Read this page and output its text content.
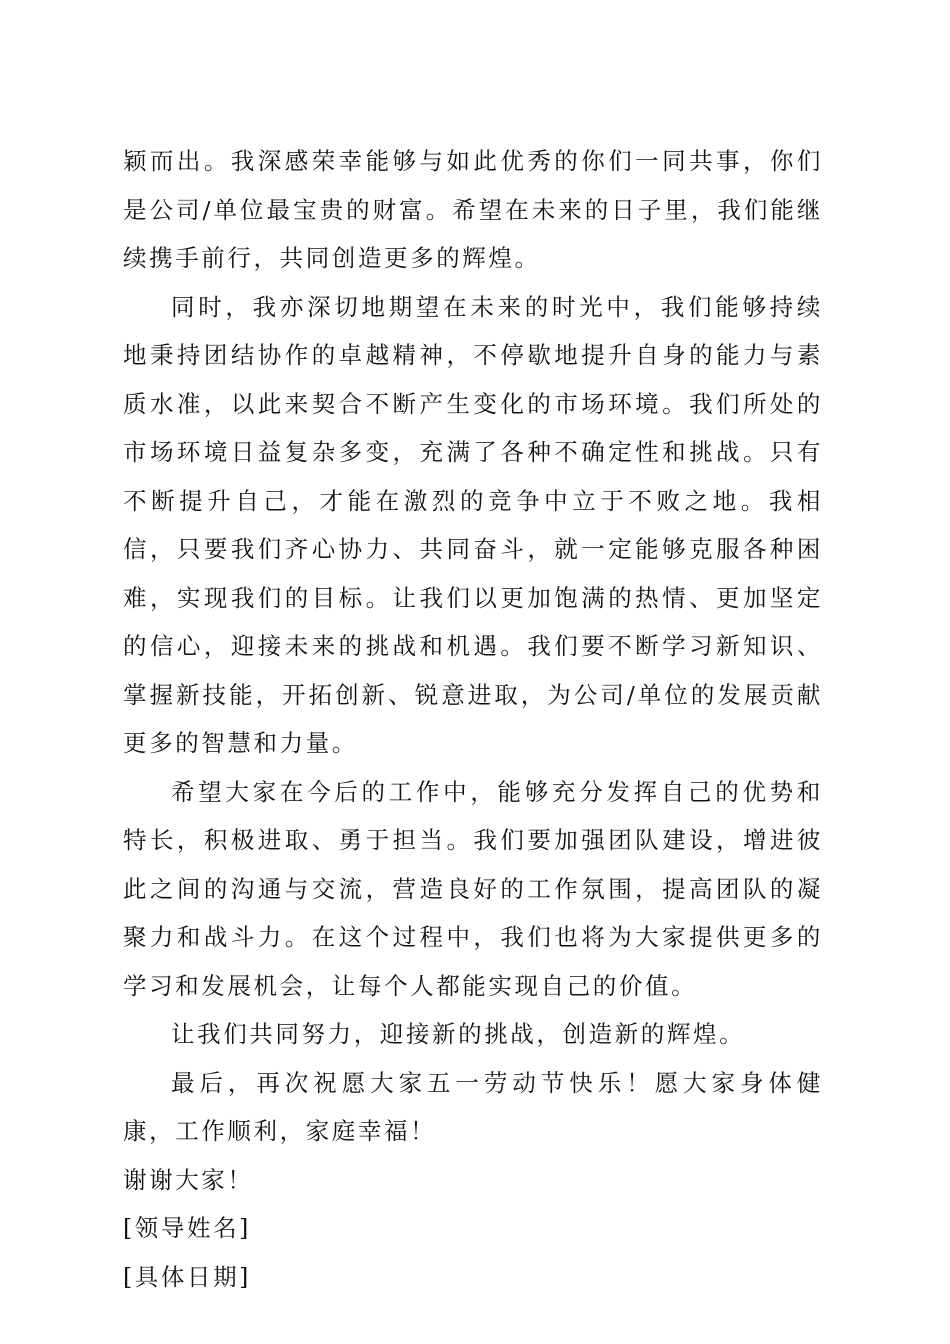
颖而出。我深感荣幸能够与如此优秀的你们一同共事，你们是公司/单位最宝贵的财富。希望在未来的日子里，我们能继续携手前行，共同创造更多的辉煌。

同时，我亦深切地期望在未来的时光中，我们能够持续地秉持团结协作的卓越精神，不停歇地提升自身的能力与素质水准，以此来契合不断产生变化的市场环境。我们所处的市场环境日益复杂多变，充满了各种不确定性和挑战。只有不断提升自己，才能在激烈的竞争中立于不败之地。我相信，只要我们齐心协力、共同奋斗，就一定能够克服各种困难，实现我们的目标。让我们以更加饱满的热情、更加坚定的信心，迎接未来的挑战和机遇。我们要不断学习新知识、掌握新技能，开拓创新、锐意进取，为公司/单位的发展贡献更多的智慧和力量。

希望大家在今后的工作中，能够充分发挥自己的优势和特长，积极进取、勇于担当。我们要加强团队建设，增进彼此之间的沟通与交流，营造良好的工作氛围，提高团队的凝聚力和战斗力。在这个过程中，我们也将为大家提供更多的学习和发展机会，让每个人都能实现自己的价值。

让我们共同努力，迎接新的挑战，创造新的辉煌。

最后，再次祝愿大家五一劳动节快乐！愿大家身体健康，工作顺利，家庭幸福！

谢谢大家！

[领导姓名]

[具体日期]
